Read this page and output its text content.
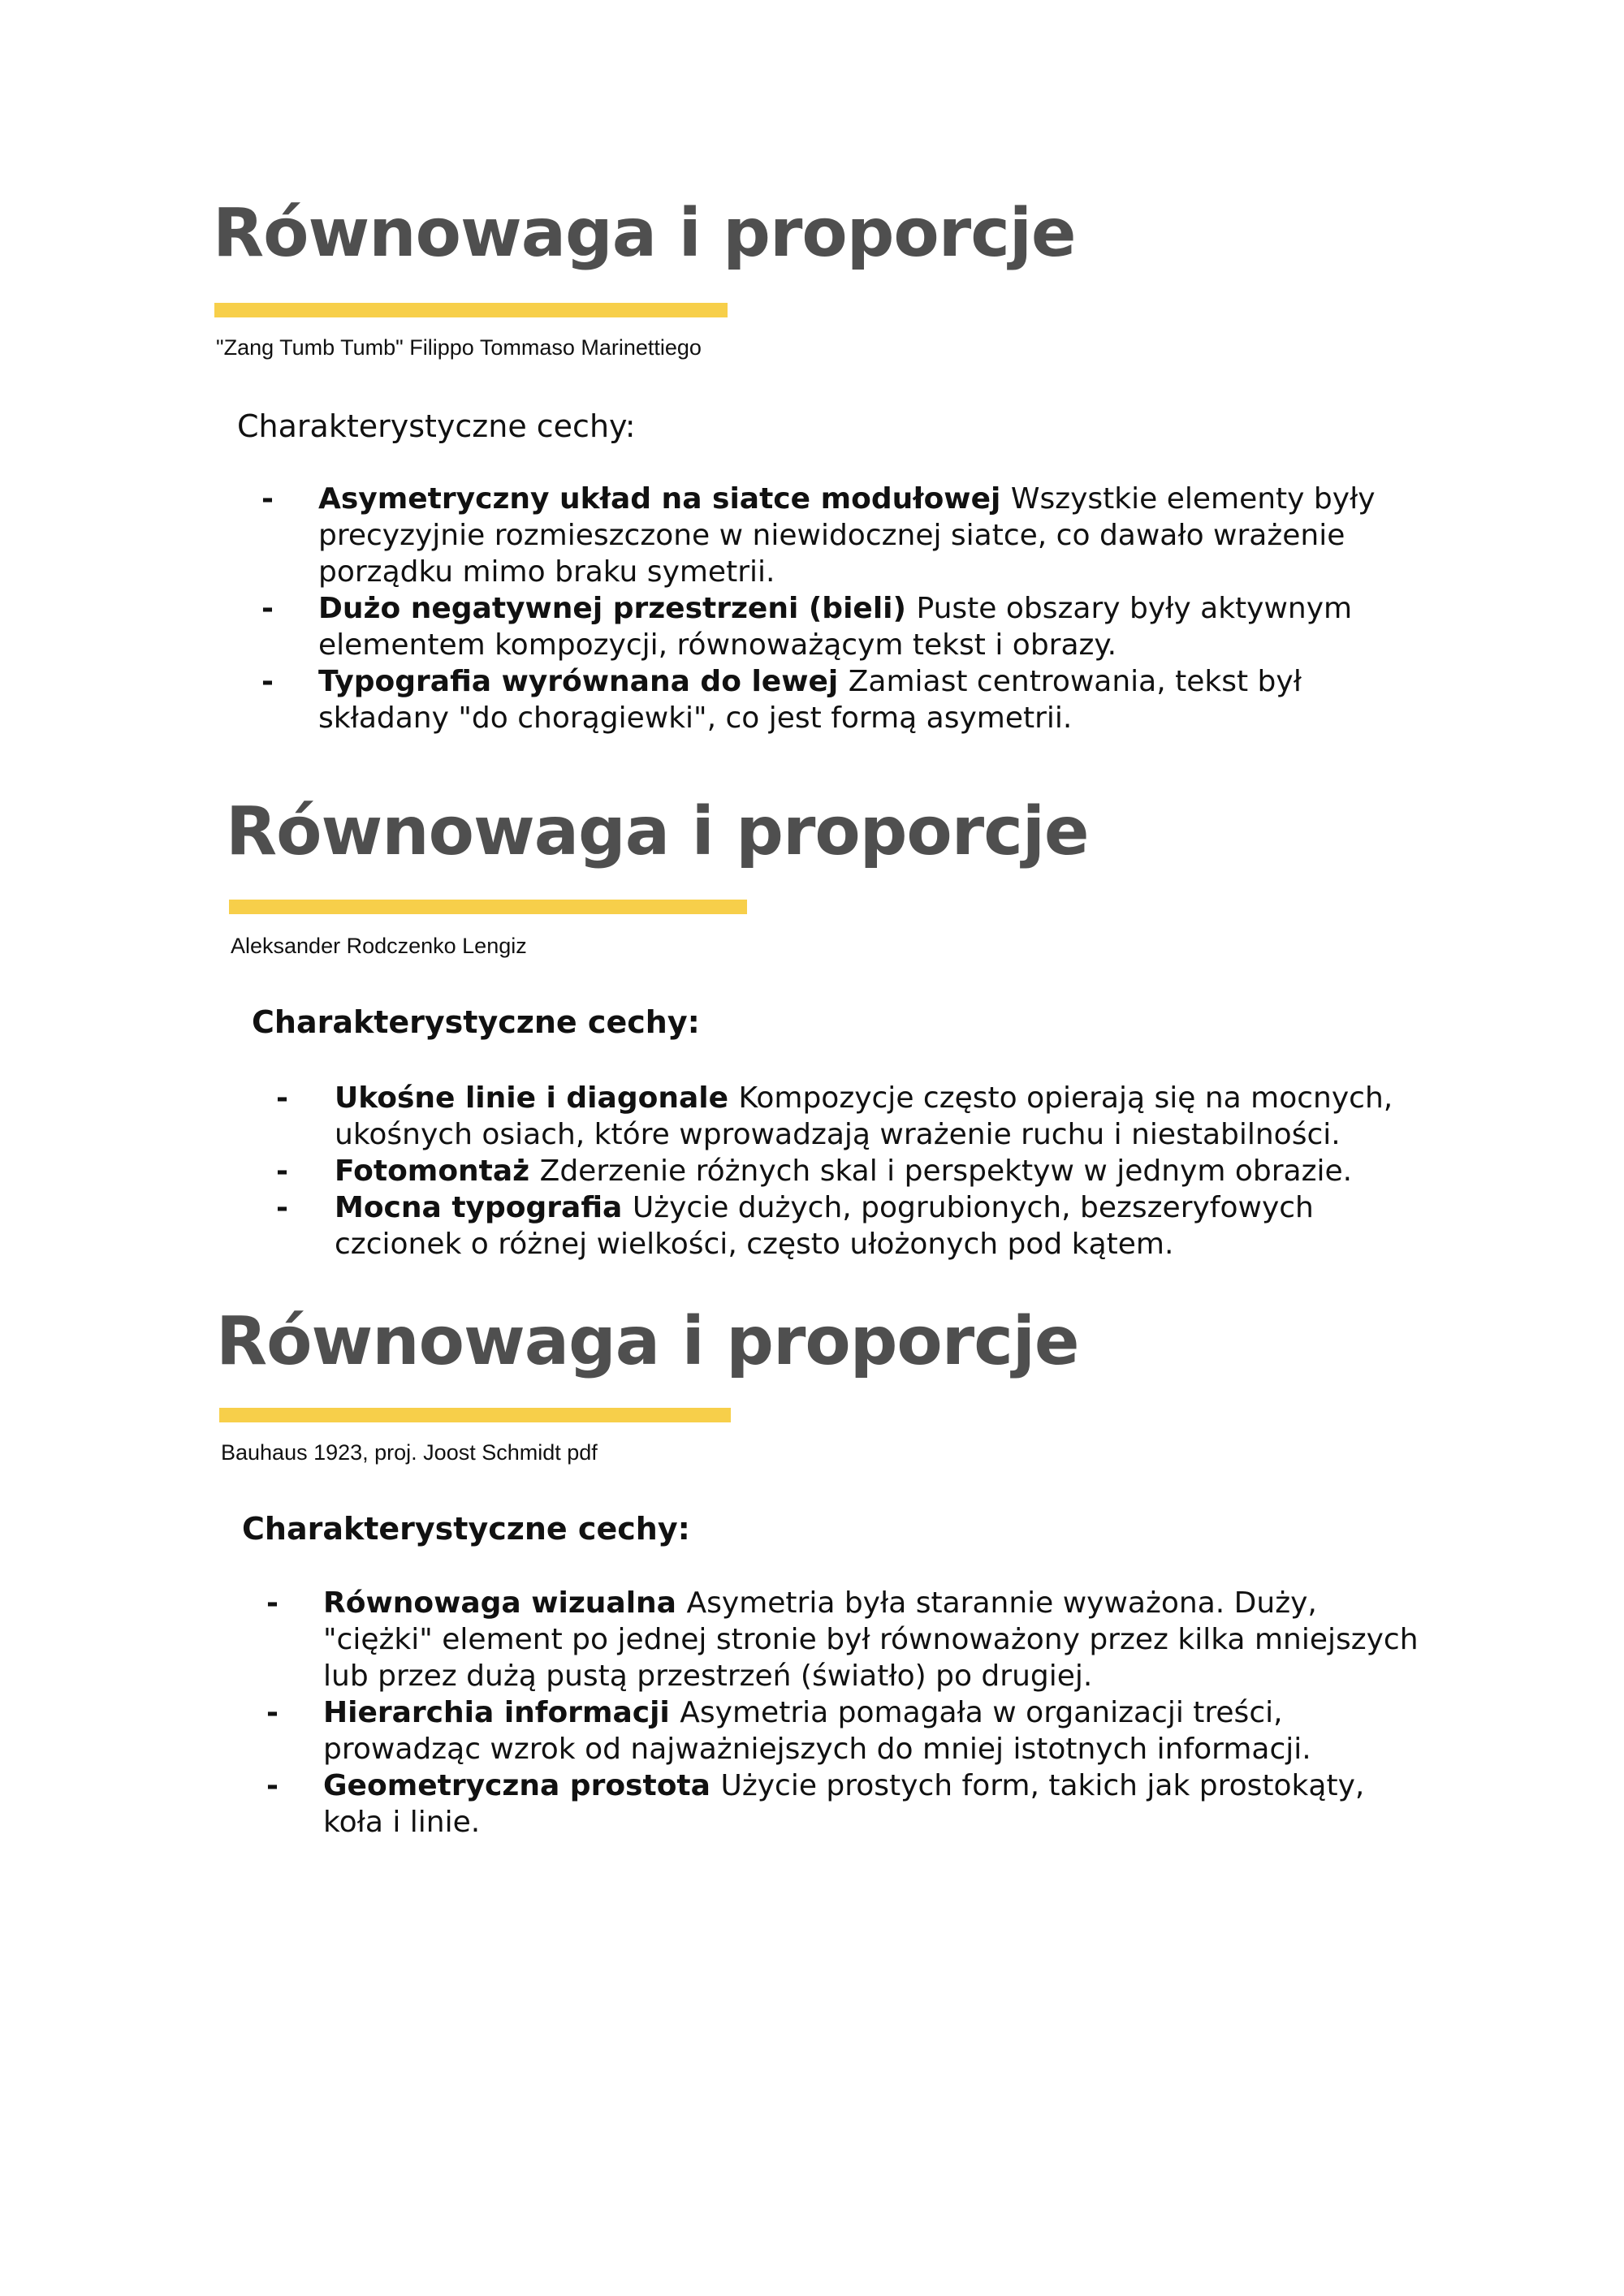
Równowaga i proporcje
"Zang Tumb Tumb" Filippo Tommaso Marinettiego
Charakterystyczne cechy:
- Asymetryczny układ na siatce modułowej Wszystkie elementy były precyzyjnie rozmieszczone w niewidocznej siatce, co dawało wrażenie porządku mimo braku symetrii.
- Dużo negatywnej przestrzeni (bieli) Puste obszary były aktywnym elementem kompozycji, równoważącym tekst i obrazy.
- Typografia wyrównana do lewej Zamiast centrowania, tekst był składany "do chorągiewki", co jest formą asymetrii.
Równowaga i proporcje
Aleksander Rodczenko Lengiz
Charakterystyczne cechy:
- Ukośne linie i diagonale Kompozycje często opierają się na mocnych, ukośnych osiach, które wprowadzają wrażenie ruchu i niestabilności.
- Fotomontaż Zderzenie różnych skal i perspektyw w jednym obrazie.
- Mocna typografia Użycie dużych, pogrubionych, bezszeryfowych czcionek o różnej wielkości, często ułożonych pod kątem.
Równowaga i proporcje
Bauhaus 1923, proj. Joost Schmidt pdf
Charakterystyczne cechy:
- Równowaga wizualna Asymetria była starannie wyważona. Duży, "ciężki" element po jednej stronie był równoważony przez kilka mniejszych lub przez dużą pustą przestrzeń (światło) po drugiej.
- Hierarchia informacji Asymetria pomagała w organizacji treści, prowadząc wzrok od najważniejszych do mniej istotnych informacji.
- Geometryczna prostota Użycie prostych form, takich jak prostokąty, koła i linie.
